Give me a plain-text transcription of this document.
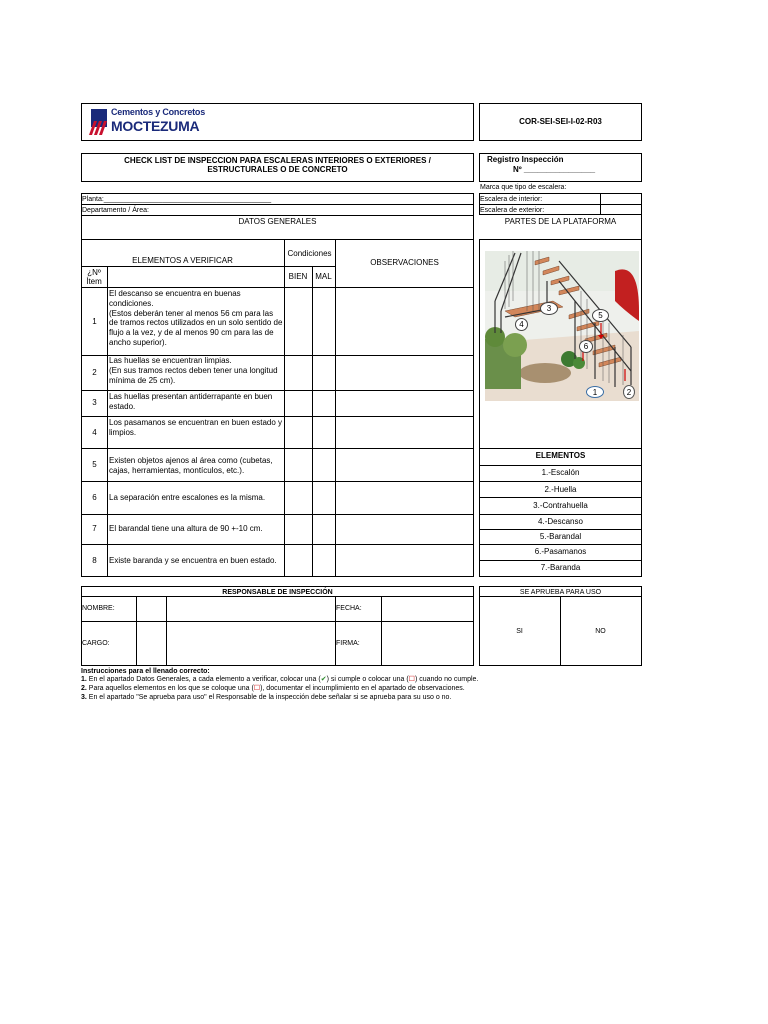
Cementos y Concretos
MOCTEZUMA	COR-SEI-SEI-I-02-R03
CHECK LIST DE INSPECCION PARA ESCALERAS INTERIORES O EXTERIORES /
ESTRUCTURALES O DE CONCRETO
Registro Inspección
Nº ________________
Planta:___________________________________________
Departamento / Área:
DATOS GENERALES
Marca que tipo de escalera:
Escalera de interior:
Escalera de exterior:
PARTES DE LA PLATAFORMA
ELEMENTOS A VERIFICAR
Condiciones
BIEN MAL
OBSERVACIONES
¿Nº
Ítem
1
El descanso se encuentra en buenas condiciones.
(Estos deberán tener al menos 56 cm para las de tramos rectos utilizados en un solo sentido de flujo a la vez, y de al menos 90 cm para las de ancho superior).
2
Las huellas se encuentran limpias.
(En sus tramos rectos deben tener una longitud mínima de 25 cm).
3
Las huellas presentan antiderrapante en buen estado.
4
Los pasamanos se encuentran en buen estado y limpios.
5	Existen objetos ajenos al área como (cubetas, cajas, herramientas, montículos, etc.).
6	La separación entre escalones es la misma.
7	El barandal tiene una altura de 90 +-10 cm.
8	Existe baranda y se encuentra en buen estado.
1	2
3
4
5
6
ELEMENTOS
1.-Escalón
2.-Huella
3.-Contrahuella
4.-Descanso
5.-Barandal
6.-Pasamanos
7.-Baranda
RESPONSABLE DE INSPECCIÓN
NOMBRE:	FECHA:
CARGO:	FIRMA:
SE APRUEBA PARA USO
SI	NO
Instrucciones para el llenado correcto:
1. En el apartado Datos Generales, a cada elemento a verificar, colocar una (✔) si cumple o colocar una (☐) cuando no cumple.
2. Para aquellos elementos en los que se coloque una (☐), documentar el incumplimiento en el apartado de observaciones.
3. En el apartado "Se aprueba para uso" el Responsable de la inspección debe señalar si se aprueba para su uso o no.
